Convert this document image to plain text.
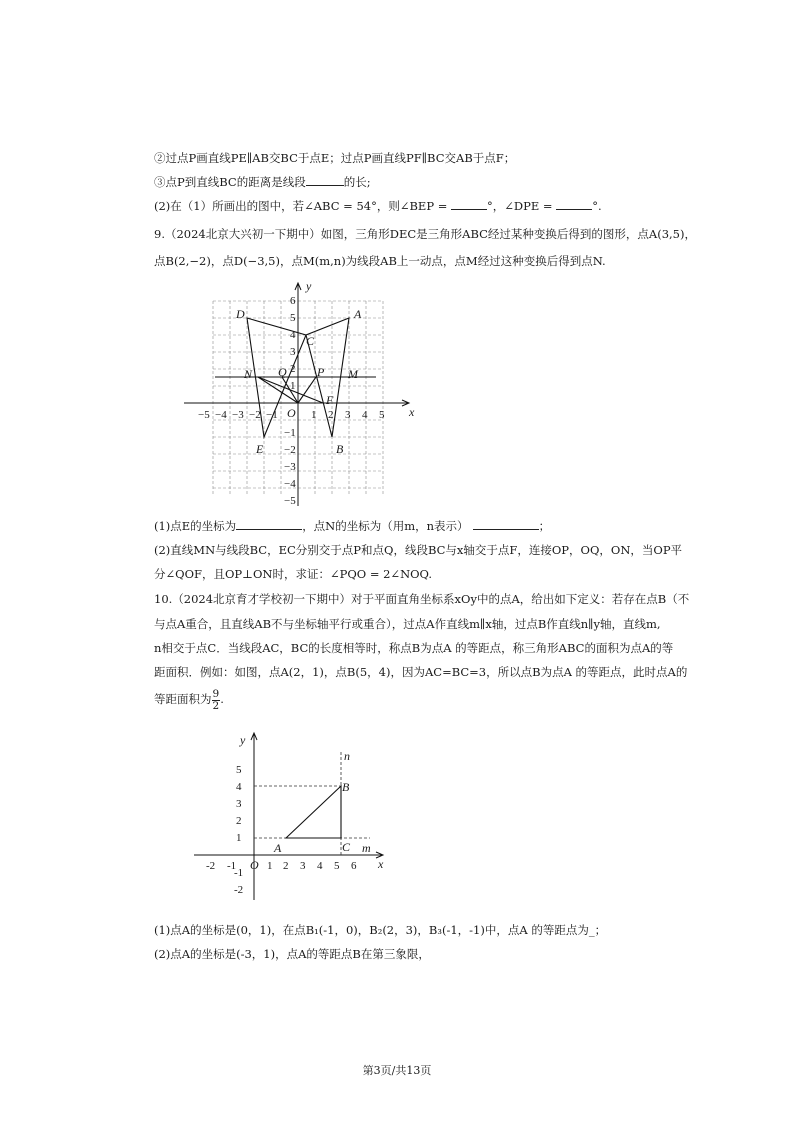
②过点P画直线PE∥AB交BC于点E；过点P画直线PF∥BC交AB于点F；
③点P到直线BC的距离是线段	的长;
(2)在（1）所画出的图中，若∠ABC = 54°，则∠BEP =	°，∠DPE =	°.
9.（2024北京大兴初一下期中）如图，三角形DEC是三角形ABC经过某种变换后得到的图形，点A(3,5)，
点B(2,−2)，点D(−3,5)，点M(m,n)为线段AB上一动点，点M经过这种变换后得到点N.
y
x
O
D	A
C
N Q	P M
F
E	B
−5 −4 −3 −2 −1	1 2 3 4 5
6
5
4
3
2
1
−1
−2
−3
−4
−5
(1)点E的坐标为	，点N的坐标为（用m，n表示）	；
(2)直线MN与线段BC，EC分别交于点P和点Q，线段BC与x轴交于点F，连接OP，OQ，ON，当OP平
分∠QOF，且OP⊥ON时，求证：∠PQO = 2∠NOQ.
10.（2024北京育才学校初一下期中）对于平面直角坐标系xOy中的点A，给出如下定义：若存在点B（不
与点A重合，且直线AB不与坐标轴平行或重合），过点A作直线m∥x轴，过点B作直线n∥y轴，直线m,
n相交于点C．当线段AC，BC的长度相等时，称点B为点A 的等距点，称三角形ABC的面积为点A的等
距面积．例如：如图，点A(2，1)，点B(5，4)，因为AC=BC=3，所以点B为点A 的等距点，此时点A的
等距面积为 $\frac{9}{2}$ .
y
x
O
n
m
A
B
C
-2 -1	1 2 3 4 5 6
5
4
3
2
1
-1
-2
(1)点A的坐标是(0，1)，在点B₁(-1，0)，B₂(2，3)，B₃(-1，-1)中，点A 的等距点为_；
(2)点A的坐标是(-3，1)，点A的等距点B在第三象限，
第3页/共13页
